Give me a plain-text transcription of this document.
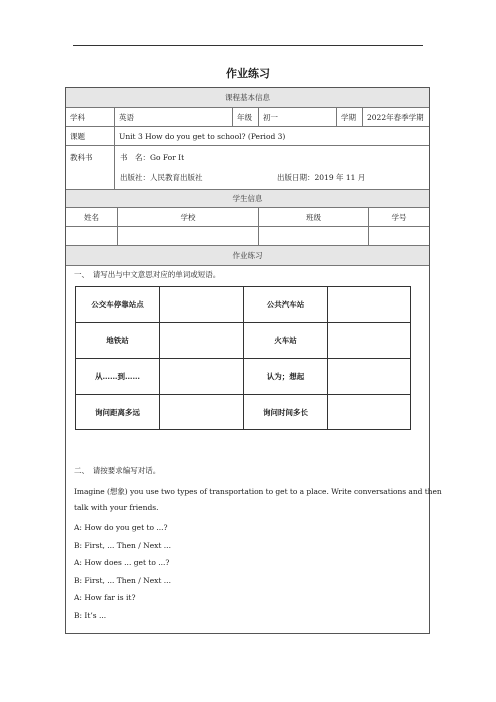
作业练习
课程基本信息
学科	英语	年级	初一	学期	2022年春季学期
课题	Unit 3 How do you get to school? (Period 3)
教科书	书　名：Go For It
出版社：人民教育出版社	出版日期：2019 年 11 月
学生信息
姓名	学校	班级	学号
作业练习
一、　请写出与中文意思对应的单词或短语。
公交车停靠站点	公共汽车站
地铁站	火车站
从……到……	认为；想起
询问距离多远	询问时间多长
二、　请按要求编写对话。
Imagine (想象) you use two types of transportation to get to a place. Write conversations and then
talk with your friends.
A: How do you get to ...?
B: First, ... Then / Next ...
A: How does ... get to ...?
B: First, ... Then / Next ...
A: How far is it?
B: It’s ...
